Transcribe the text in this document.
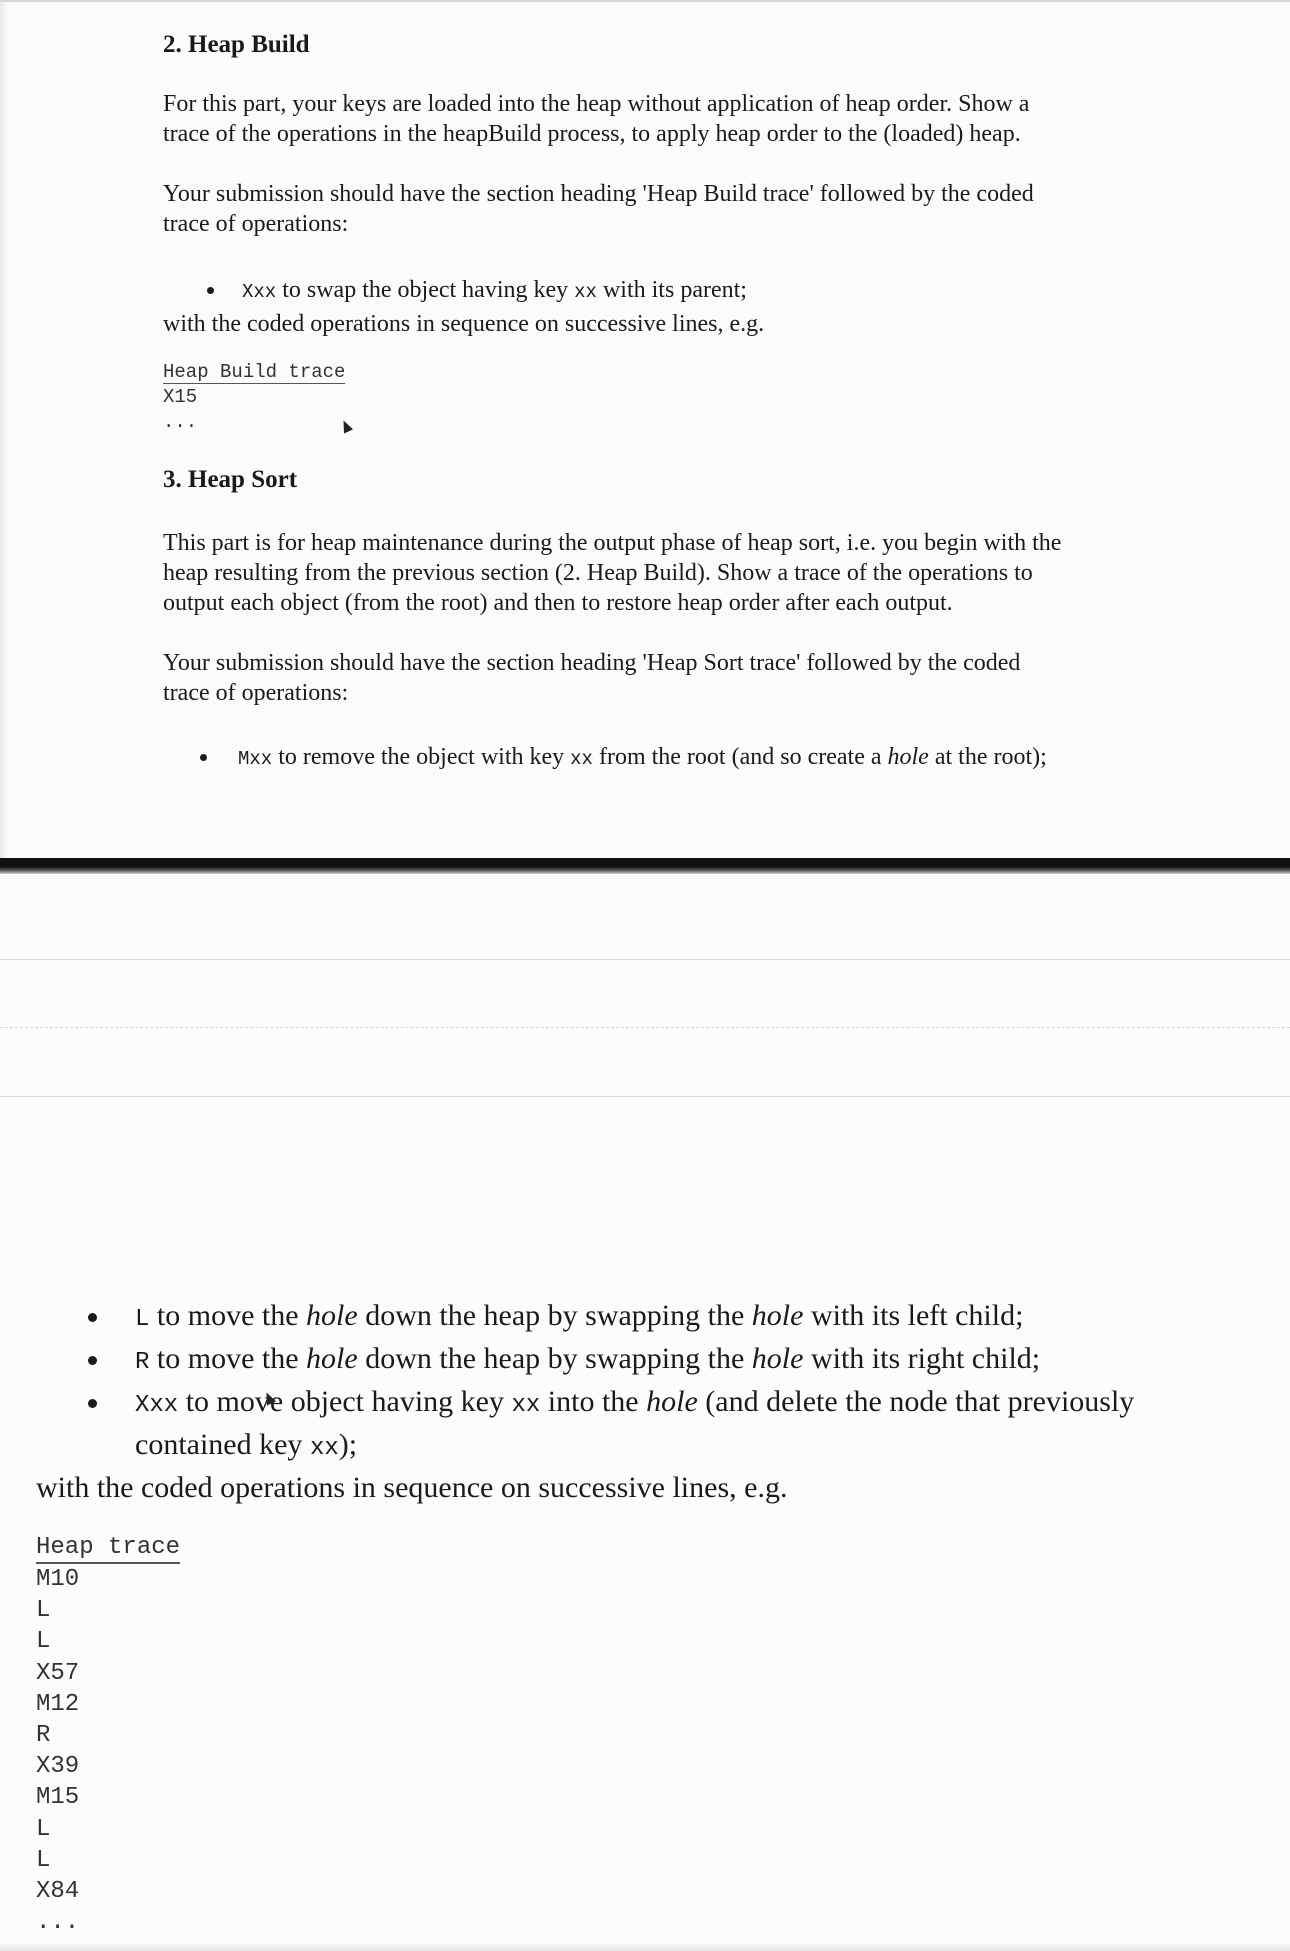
2. Heap Build

For this part, your keys are loaded into the heap without application of heap order. Show a

trace of the operations in the heapBuild process, to apply heap order to the (loaded) heap.

Your submission should have the section heading 'Heap Build trace' followed by the coded

trace of operations:

Xxx to swap the object having key xx with its parent;

with the coded operations in sequence on successive lines, e.g.

Heap Build trace
X15
...
3. Heap Sort

This part is for heap maintenance during the output phase of heap sort, i.e. you begin with the

heap resulting from the previous section (2. Heap Build). Show a trace of the operations to

output each object (from the root) and then to restore heap order after each output.

Your submission should have the section heading 'Heap Sort trace' followed by the coded

trace of operations:

Mxx to remove the object with key xx from the root (and so create a hole at the root);
L to move the hole down the heap by swapping the hole with its left child;
R to move the hole down the heap by swapping the hole with its right child;
Xxx to move object having key xx into the hole (and delete the node that previously
contained key xx);

with the coded operations in sequence on successive lines, e.g.

Heap trace
M10
L
L
X57
M12
R
X39
M15
L
L
X84
...
